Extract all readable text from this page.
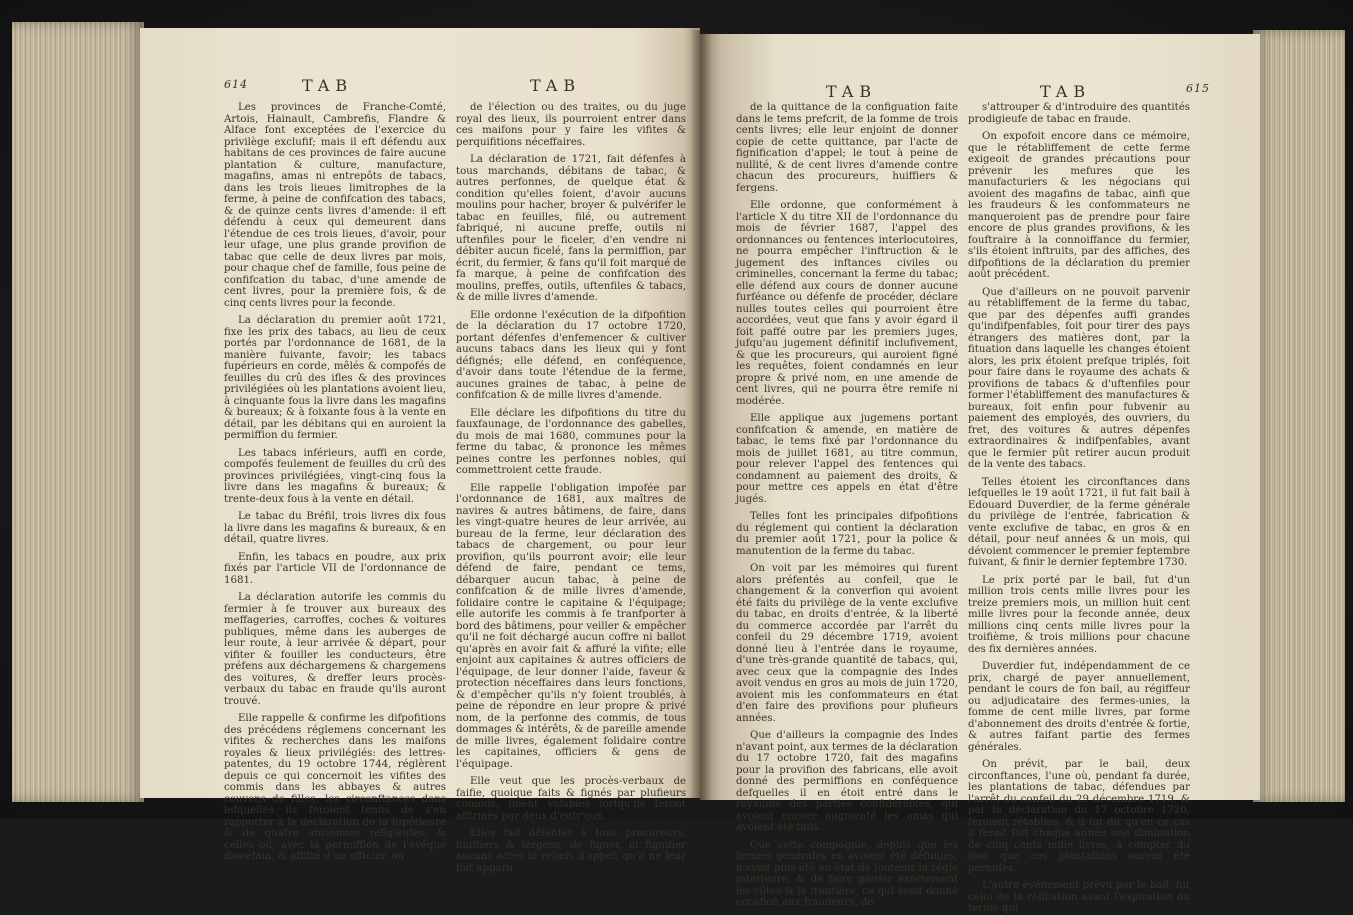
614	TAB	TAB

Les provinces de Franche-Comté, Artois, Hainault, Cambrefis, Flandre & Alface font exceptées de l'exercice du privilège exclufif; mais il eft défendu aux habitans de ces provinces de faire aucune plantation & culture, manufacture, magafins, amas ni entrepôts de tabacs, dans les trois lieues limitrophes de la ferme, à peine de confifcation des tabacs, & de quinze cents livres d'amende: il eft défendu à ceux qui demeurent dans l'étendue de ces trois lieues, d'avoir, pour leur ufage, une plus grande provifion de tabac que celle de deux livres par mois, pour chaque chef de famille, fous peine de confifcation du tabac, d'une amende de cent livres, pour la première fois, & de cinq cents livres pour la feconde.

La déclaration du premier août 1721, fixe les prix des tabacs, au lieu de ceux portés par l'ordonnance de 1681, de la manière fuivante, favoir; les tabacs fupérieurs en corde, mêlés & compofés de feuilles du crû des ifles & des provinces privilégiées où les plantations avoient lieu, à cinquante fous la livre dans les magafins & bureaux; & à foixante fous à la vente en détail, par les débitans qui en auroient la permiffion du fermier.

Les tabacs inférieurs, auffi en corde, compofés feulement de feuilles du crû des provinces privilégiées, vingt-cinq fous la livre dans les magafins & bureaux; & trente-deux fous à la vente en détail.

Le tabac du Bréfil, trois livres dix fous la livre dans les magafins & bureaux, & en détail, quatre livres.

Enfin, les tabacs en poudre, aux prix fixés par l'article VII de l'ordonnance de 1681.

La déclaration autorife les commis du fermier à fe trouver aux bureaux des meffageries, carroffes, coches & voitures publiques, même dans les auberges de leur route, à leur arrivée & départ, pour vifiter & fouiller les conducteurs, être préfens aux déchargemens & chargemens des voitures, & dreffer leurs procès-verbaux du tabac en fraude qu'ils auront trouvé.

Elle rappelle & confirme les difpofitions des précédens réglemens concernant les vifites & recherches dans les maifons royales & lieux privilégiés: des lettres-patentes, du 19 octobre 1744, réglèrent depuis ce qui concernoit les vifites des commis dans les abbayes & autres couvens de filles, les circonftances dans lefquelles ils feroient tenus de s'en rapporter à la déclaration de la fupérieure & de quatre anciennes religieufes, & celles où, avec la permiffion de l'évêque diocéfain, & affifté d'un officier, ou

de l'élection ou des traites, ou du juge royal des lieux, ils pourroient entrer dans ces maifons pour y faire les vifites & perquifitions néceffaires.

La déclaration de 1721, fait défenfes à tous marchands, débitans de tabac, & autres perfonnes, de quelque état & condition qu'elles foient, d'avoir aucuns moulins pour hacher, broyer & pulvérifer le tabac en feuilles, filé, ou autrement fabriqué, ni aucune preffe, outils ni uftenfiles pour le ficeler, d'en vendre ni débiter aucun ficelé, fans la permiffion, par écrit, du fermier, & fans qu'il foit marqué de fa marque, à peine de confifcation des moulins, preffes, outils, uftenfiles & tabacs, & de mille livres d'amende.

Elle ordonne l'exécution de la difpofition de la déclaration du 17 octobre 1720, portant défenfes d'enfemencer & cultiver aucuns tabacs dans les lieux qui y font défignés; elle défend, en conféquence, d'avoir dans toute l'étendue de la ferme, aucunes graines de tabac, à peine de confifcation & de mille livres d'amende.

Elle déclare les difpofitions du titre du fauxfaunage, de l'ordonnance des gabelles, du mois de mai 1680, communes pour la ferme du tabac, & prononce les mêmes peines contre les perfonnes nobles, qui commettroient cette fraude.

Elle rappelle l'obligation impofée par l'ordonnance de 1681, aux maîtres de navires & autres bâtimens, de faire, dans les vingt-quatre heures de leur arrivée, au bureau de la ferme, leur déclaration des tabacs de chargement, ou pour leur provifion, qu'ils pourront avoir; elle leur défend de faire, pendant ce tems, débarquer aucun tabac, à peine de confifcation & de mille livres d'amende, folidaire contre le capitaine & l'équipage; elle autorife les commis à fe tranfporter à bord des bâtimens, pour veiller & empêcher qu'il ne foit déchargé aucun coffre ni ballot qu'après en avoir fait & affuré la vifite; elle enjoint aux capitaines & autres officiers de l'équipage, de leur donner l'aide, faveur & protection néceffaires dans leurs fonctions, & d'empêcher qu'ils n'y foient troublés, à peine de répondre en leur propre & privé nom, de la perfonne des commis, de tous dommages & intérêts, & de pareille amende de mille livres, également folidaire contre les capitaines, officiers & gens de l'équipage.

Elle veut que les procès-verbaux de faifie, quoique faits & fignés par plufieurs commis, foient valables lorfqu'ils feront affirmés par deux d'entr'eux.

Elles fait défenfes à tous procureurs, huiffiers & fergens, de figner, ni fignifier aucuns actes ni reliefs d'appel, qu'il ne leur foit apparu

TAB	TAB	615

de la quittance de la configuation faite dans le tems prefcrit, de la fomme de trois cents livres; elle leur enjoint de donner copie de cette quittance, par l'acte de fignification d'appel; le tout à peine de nullité, & de cent livres d'amende contre chacun des procureurs, huiffiers & fergens.

Elle ordonne, que conformément à l'article X du titre XII de l'ordonnance du mois de février 1687, l'appel des ordonnances ou fentences interlocutoires, ne pourra empêcher l'inftruction & le jugement des inftances civiles ou criminelles, concernant la ferme du tabac; elle défend aux cours de donner aucune furféance ou défenfe de procéder, déclare nulles toutes celles qui pourroient être accordées, veut que fans y avoir égard il foit paffé outre par les premiers juges, jufqu'au jugement définitif inclufivement, & que les procureurs, qui auroient figné les requêtes, foient condamnés en leur propre & privé nom, en une amende de cent livres, qui ne pourra être remife ni modérée.

Elle applique aux jugemens portant confifcation & amende, en matière de tabac, le tems fixé par l'ordonnance du mois de juillet 1681, au titre commun, pour relever l'appel des fentences qui condamnent au paiement des droits, & pour mettre ces appels en état d'être jugés.

Telles font les principales difpofitions du réglement qui contient la déclaration du premier août 1721, pour la police & manutention de la ferme du tabac.

On voit par les mémoires qui furent alors préfentés au confeil, que le changement & la converfion qui avoient été faits du privilège de la vente exclufive du tabac, en droits d'entrée, & la liberté du commerce accordée par l'arrêt du confeil du 29 décembre 1719, avoient donné lieu à l'entrée dans le royaume, d'une très-grande quantité de tabacs, qui, avec ceux que la compagnie des Indes avoit vendus en gros au mois de juin 1720, avoient mis les confommateurs en état d'en faire des provifions pour plufieurs années.

Que d'ailleurs la compagnie des Indes n'avant point, aux termes de la déclaration du 17 octobre 1720, fait des magafins pour la provifion des fabricans, elle avoit donné des permiffions en conféquence defquelles il en étoit entré dans le royaume des parties confidérables, qui avoient encore augmenté les amas qui avoient été faits.

Que cette compagnie, depuis que les fermes générales en avoient été défunies, n'avoit plus été en état de foutenir la régie intérieure, & de faire garder exactement les côtes & la frontière, ce qui avoit donné occafion aux fraudeurs, de

s'attrouper & d'introduire des quantités prodigieufe de tabac en fraude.

On expofoit encore dans ce mémoire, que le rétabliffement de cette ferme exigeoit de grandes précautions pour prévenir les mefures que les manufacturiers & les négocians qui avoient des magafins de tabac, ainfi que les fraudeurs & les confommateurs ne manqueroient pas de prendre pour faire encore de plus grandes provifions, & les fouftraire à la connoiffance du fermier, s'ils étoient inftruits, par des affiches, des difpofitions de la déclaration du premier août précédent.

Que d'ailleurs on ne pouvoit parvenir au rétabliffement de la ferme du tabac, que par des dépenfes auffi grandes qu'indifpenfables, foit pour tirer des pays étrangers des matières dont, par la fituation dans laquelle les changes étoient alors, les prix étoient prefque triplés, foit pour faire dans le royaume des achats & provifions de tabacs & d'uftenfiles pour former l'établiffement des manufactures & bureaux, foit enfin pour fubvenir au paiement des employés, des ouvriers, du fret, des voitures & autres dépenfes extraordinaires & indifpenfables, avant que le fermier pût retirer aucun produit de la vente des tabacs.

Telles étoient les circonftances dans lefquelles le 19 août 1721, il fut fait bail à Edouard Duverdier, de la ferme générale du privilège de l'entrée, fabrication & vente exclufive de tabac, en gros & en détail, pour neuf années & un mois, qui dévoient commencer le premier feptembre fuivant, & finir le dernier feptembre 1730.

Le prix porté par le bail, fut d'un million trois cents mille livres pour les treize premiers mois, un million huit cent mille livres pour la feconde année, deux millions cinq cents mille livres pour la troifième, & trois millions pour chacune des fix dernières années.

Duverdier fut, indépendamment de ce prix, chargé de payer annuellement, pendant le cours de fon bail, au régiffeur ou adjudicataire des fermes-unies, la fomme de cent mille livres, par forme d'abonnement des droits d'entrée & fortie, & autres faifant partie des fermes générales.

On prévit, par le bail, deux circonftances, l'une où, pendant fa durée, les plantations de tabac, défendues par l'arrêt du confeil du 29 décembre 1719, & par la déclaration du 17 octobre 1720, feroient rétablies, & il fut dit qu'en ce cas il feroit fait chaque année une diminution de cinq cents mille livres, à compter du jour que ces plantations auront été permifes.

L'autre événement prévu par le bail, fut celui de la réfiliation avant l'expiration du terme qui
